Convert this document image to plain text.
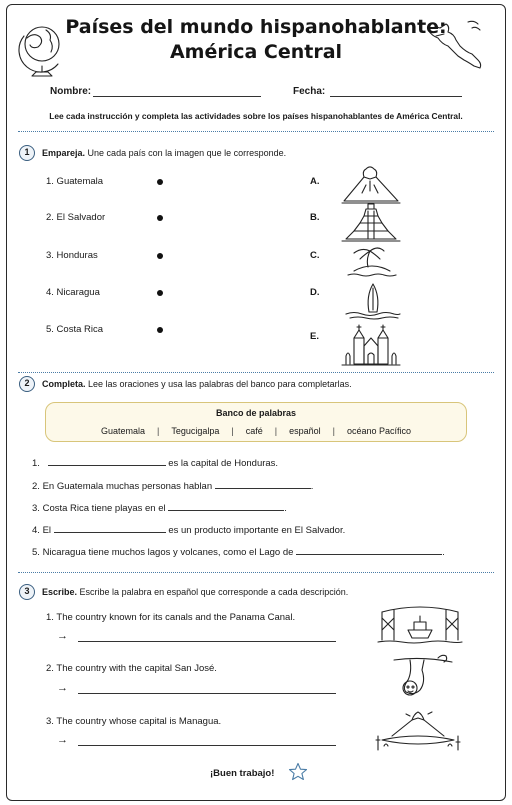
Países del mundo hispanohablante:
América Central
Nombre:	Fecha:
Lee cada instrucción y completa las actividades sobre los países hispanohablantes de América Central.
1	Empareja. Une cada país con la imagen que le corresponde.
1. Guatemala
2. El Salvador
3. Honduras
4. Nicaragua
5. Costa Rica
A.
B.
C.
D.
E.
2	Completa. Lee las oraciones y usa las palabras del banco para completarlas.
Banco de palabras
Guatemala	|	Tegucigalpa	|	café	|	español	|	océano Pacífico
1.	es la capital de Honduras.
2. En Guatemala muchas personas hablan	.
3. Costa Rica tiene playas en el	.
4. El	es un producto importante en El Salvador.
5. Nicaragua tiene muchos lagos y volcanes, como el Lago de	.
3	Escribe. Escribe la palabra en español que corresponde a cada descripción.
1. The country known for its canals and the Panama Canal.
→
2. The country with the capital San José.
→
3. The country whose capital is Managua.
→
¡Buen trabajo!
